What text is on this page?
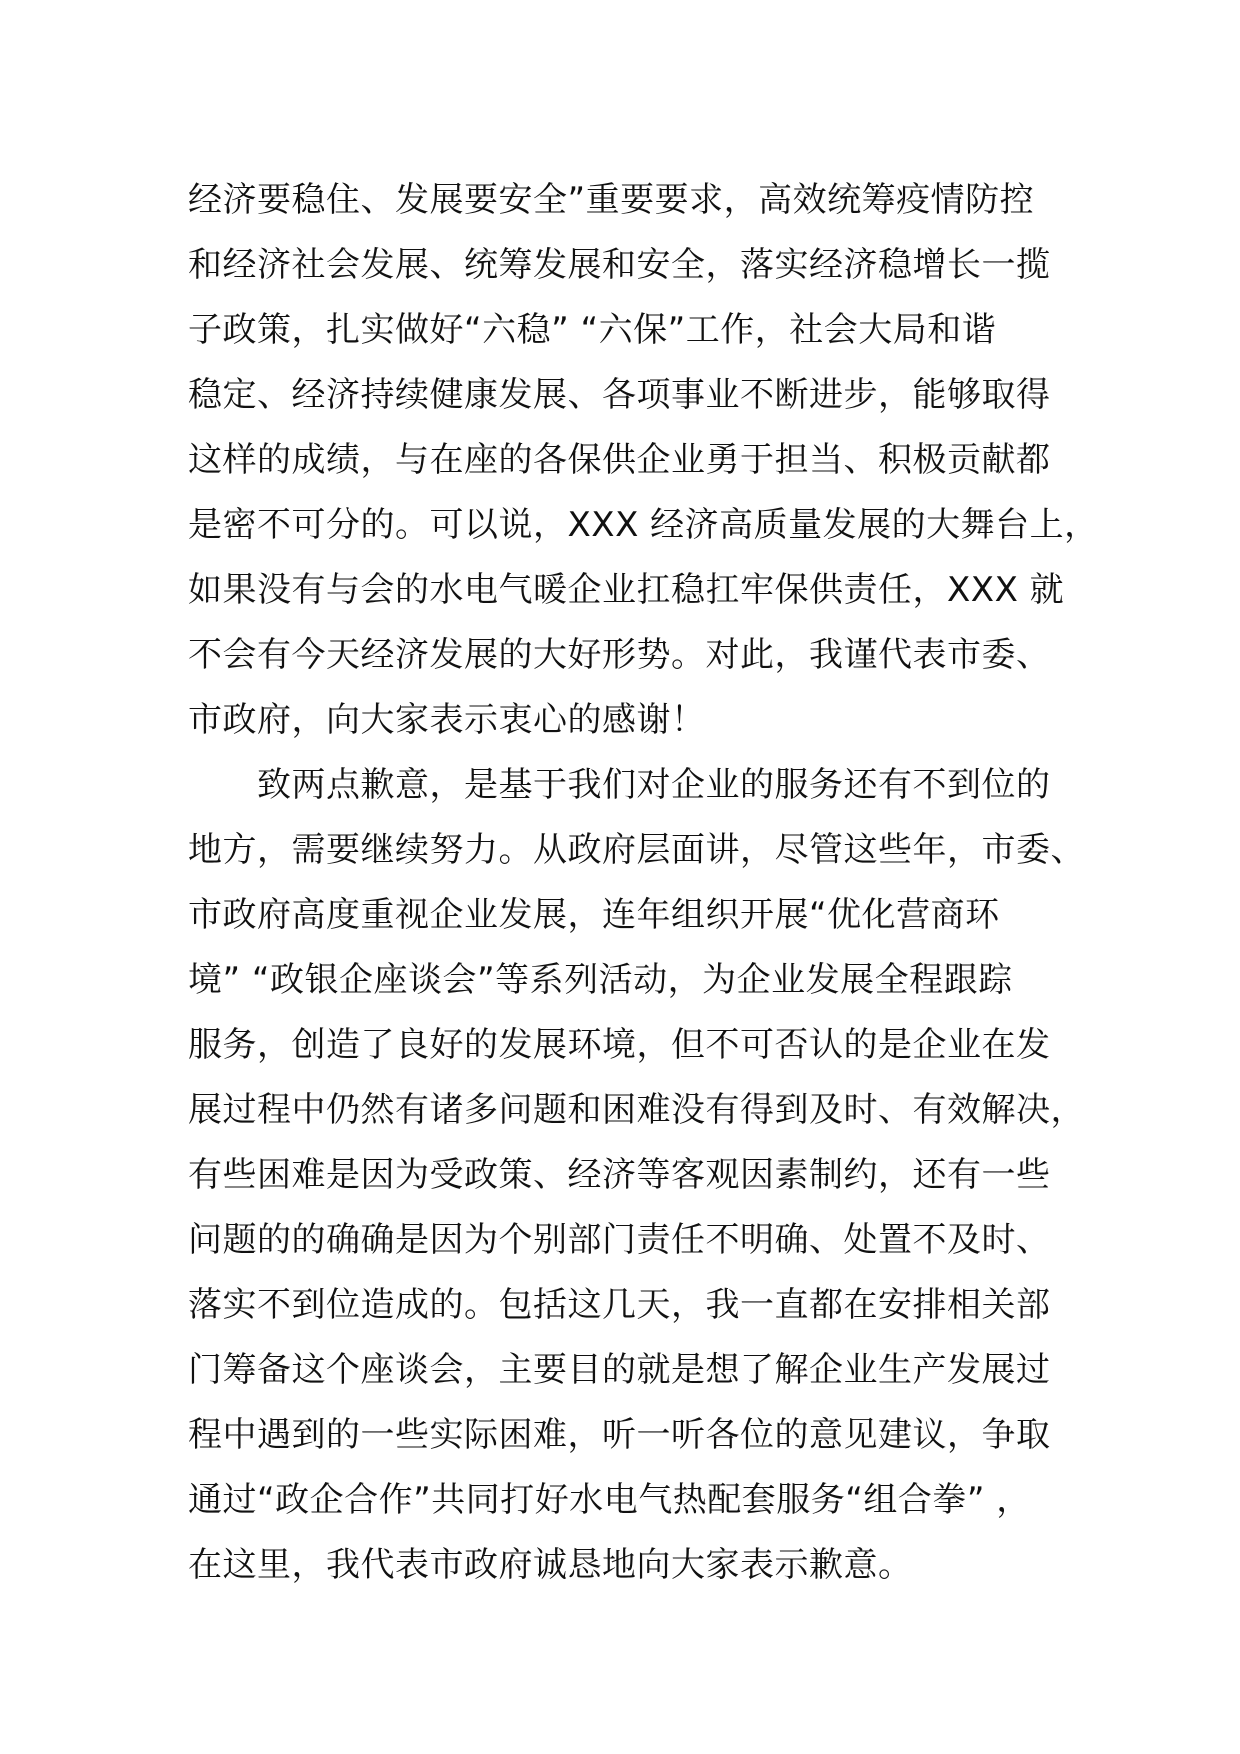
经济要稳住、发展要安全”重要要求，高效统筹疫情防控
和经济社会发展、统筹发展和安全，落实经济稳增长一揽
子政策，扎实做好“六稳” “六保”工作，社会大局和谐
稳定、经济持续健康发展、各项事业不断进步，能够取得
这样的成绩，与在座的各保供企业勇于担当、积极贡献都
是密不可分的。可以说，XXX 经济高质量发展的大舞台上，
如果没有与会的水电气暖企业扛稳扛牢保供责任，XXX 就
不会有今天经济发展的大好形势。对此，我谨代表市委、
市政府，向大家表示衷心的感谢！
　　致两点歉意，是基于我们对企业的服务还有不到位的
地方，需要继续努力。从政府层面讲，尽管这些年，市委、
市政府高度重视企业发展，连年组织开展“优化营商环
境” “政银企座谈会”等系列活动，为企业发展全程跟踪
服务，创造了良好的发展环境，但不可否认的是企业在发
展过程中仍然有诸多问题和困难没有得到及时、有效解决，
有些困难是因为受政策、经济等客观因素制约，还有一些
问题的的确确是因为个别部门责任不明确、处置不及时、
落实不到位造成的。包括这几天，我一直都在安排相关部
门筹备这个座谈会，主要目的就是想了解企业生产发展过
程中遇到的一些实际困难，听一听各位的意见建议，争取
通过“政企合作”共同打好水电气热配套服务“组合拳” ，
在这里，我代表市政府诚恳地向大家表示歉意。
